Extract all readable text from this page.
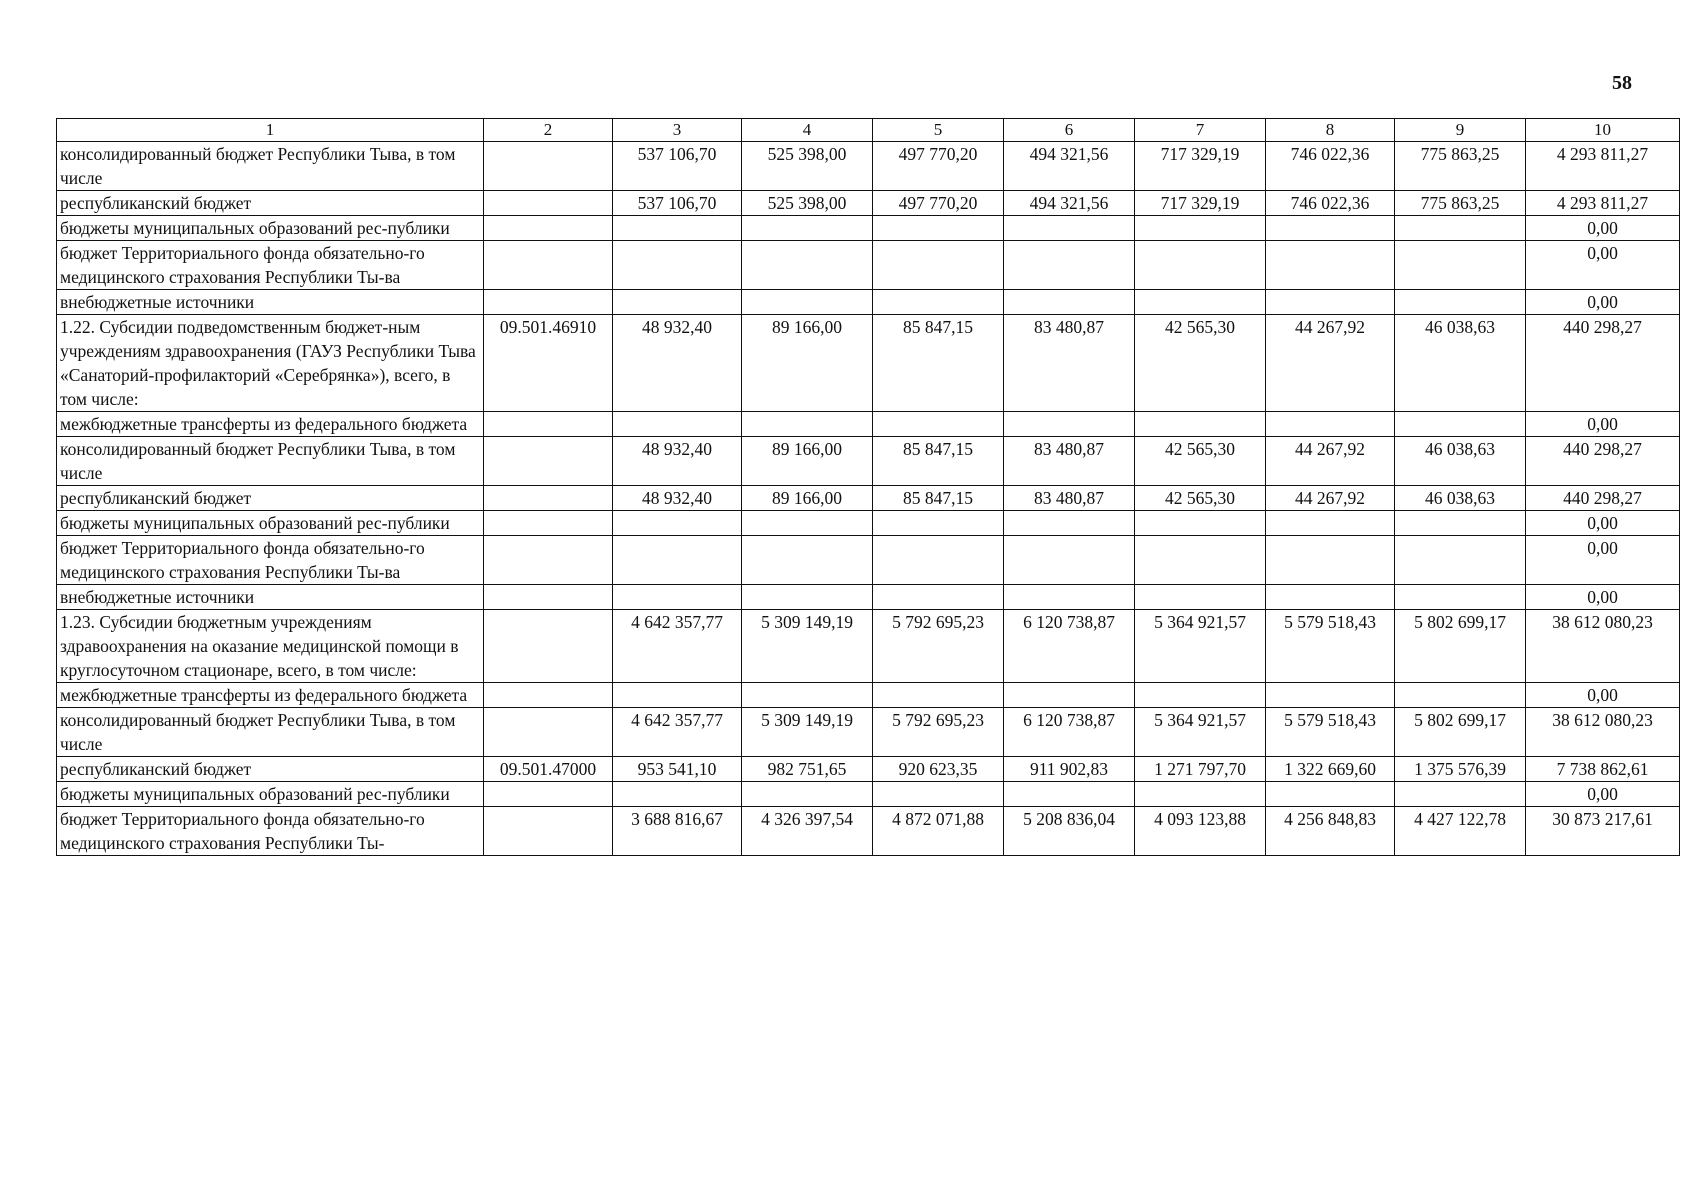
58
1	2	3	4	5	6	7	8	9	10
консолидированный бюджет Республики Тыва, в том числе		537 106,70	525 398,00	497 770,20	494 321,56	717 329,19	746 022,36	775 863,25	4 293 811,27
республиканский бюджет		537 106,70	525 398,00	497 770,20	494 321,56	717 329,19	746 022,36	775 863,25	4 293 811,27
бюджеты муниципальных образований рес-публики									0,00
бюджет Территориального фонда обязательно-го медицинского страхования Республики Ты-ва									0,00
внебюджетные источники									0,00
1.22. Субсидии подведомственным бюджет-ным учреждениям здравоохранения (ГАУЗ Республики Тыва «Санаторий-профилакторий «Серебрянка»), всего, в том числе:	09.501.46910	48 932,40	89 166,00	85 847,15	83 480,87	42 565,30	44 267,92	46 038,63	440 298,27
межбюджетные трансферты из федерального бюджета									0,00
консолидированный бюджет Республики Тыва, в том числе		48 932,40	89 166,00	85 847,15	83 480,87	42 565,30	44 267,92	46 038,63	440 298,27
республиканский бюджет		48 932,40	89 166,00	85 847,15	83 480,87	42 565,30	44 267,92	46 038,63	440 298,27
бюджеты муниципальных образований рес-публики									0,00
бюджет Территориального фонда обязательно-го медицинского страхования Республики Ты-ва									0,00
внебюджетные источники									0,00
1.23. Субсидии бюджетным учреждениям здравоохранения на оказание медицинской помощи в круглосуточном стационаре, всего, в том числе:		4 642 357,77	5 309 149,19	5 792 695,23	6 120 738,87	5 364 921,57	5 579 518,43	5 802 699,17	38 612 080,23
межбюджетные трансферты из федерального бюджета									0,00
консолидированный бюджет Республики Тыва, в том числе		4 642 357,77	5 309 149,19	5 792 695,23	6 120 738,87	5 364 921,57	5 579 518,43	5 802 699,17	38 612 080,23
республиканский бюджет	09.501.47000	953 541,10	982 751,65	920 623,35	911 902,83	1 271 797,70	1 322 669,60	1 375 576,39	7 738 862,61
бюджеты муниципальных образований рес-публики									0,00
бюджет Территориального фонда обязательно-го медицинского страхования Республики Ты-		3 688 816,67	4 326 397,54	4 872 071,88	5 208 836,04	4 093 123,88	4 256 848,83	4 427 122,78	30 873 217,61
